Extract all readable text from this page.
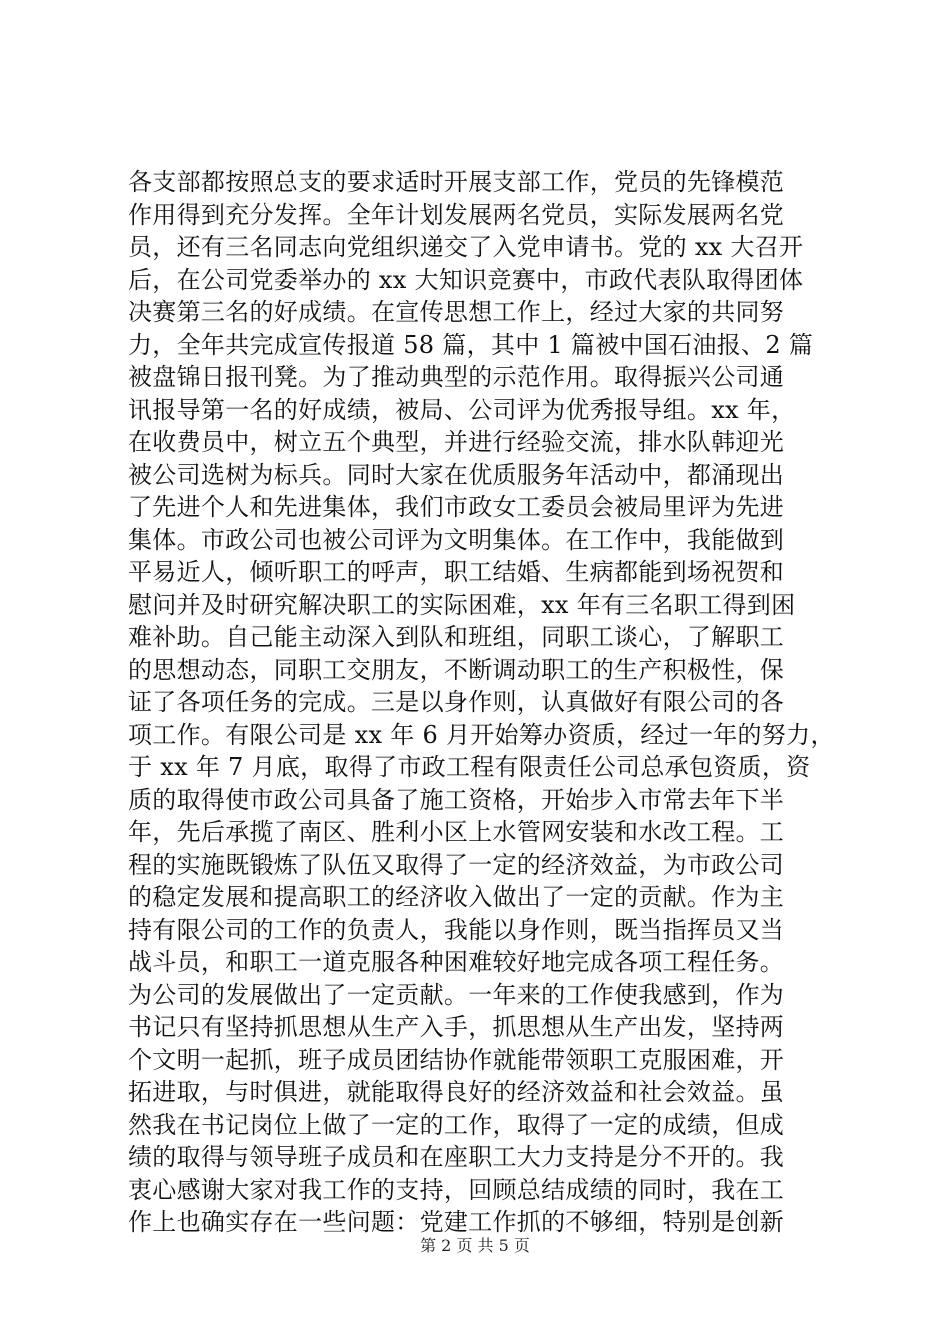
各支部都按照总支的要求适时开展支部工作，党员的先锋模范
作用得到充分发挥。全年计划发展两名党员，实际发展两名党
员，还有三名同志向党组织递交了入党申请书。党的 xx 大召开
后，在公司党委举办的 xx 大知识竞赛中，市政代表队取得团体
决赛第三名的好成绩。在宣传思想工作上，经过大家的共同努
力，全年共完成宣传报道 58 篇，其中 1 篇被中国石油报、2 篇
被盘锦日报刊凳。为了推动典型的示范作用。取得振兴公司通
讯报导第一名的好成绩，被局、公司评为优秀报导组。xx 年，
在收费员中，树立五个典型，并进行经验交流，排水队韩迎光
被公司选树为标兵。同时大家在优质服务年活动中，都涌现出
了先进个人和先进集体，我们市政女工委员会被局里评为先进
集体。市政公司也被公司评为文明集体。在工作中，我能做到
平易近人，倾听职工的呼声，职工结婚、生病都能到场祝贺和
慰问并及时研究解决职工的实际困难，xx 年有三名职工得到困
难补助。自己能主动深入到队和班组，同职工谈心，了解职工
的思想动态，同职工交朋友，不断调动职工的生产积极性，保
证了各项任务的完成。三是以身作则，认真做好有限公司的各
项工作。有限公司是 xx 年 6 月开始筹办资质，经过一年的努力，
于 xx 年 7 月底，取得了市政工程有限责任公司总承包资质，资
质的取得使市政公司具备了施工资格，开始步入市常去年下半
年，先后承揽了南区、胜利小区上水管网安装和水改工程。工
程的实施既锻炼了队伍又取得了一定的经济效益，为市政公司
的稳定发展和提高职工的经济收入做出了一定的贡献。作为主
持有限公司的工作的负责人，我能以身作则，既当指挥员又当
战斗员，和职工一道克服各种困难较好地完成各项工程任务。
为公司的发展做出了一定贡献。一年来的工作使我感到，作为
书记只有坚持抓思想从生产入手，抓思想从生产出发，坚持两
个文明一起抓，班子成员团结协作就能带领职工克服困难，开
拓进取，与时俱进，就能取得良好的经济效益和社会效益。虽
然我在书记岗位上做了一定的工作，取得了一定的成绩，但成
绩的取得与领导班子成员和在座职工大力支持是分不开的。我
衷心感谢大家对我工作的支持，回顾总结成绩的同时，我在工
作上也确实存在一些问题：党建工作抓的不够细，特别是创新
第 2 页 共 5 页
